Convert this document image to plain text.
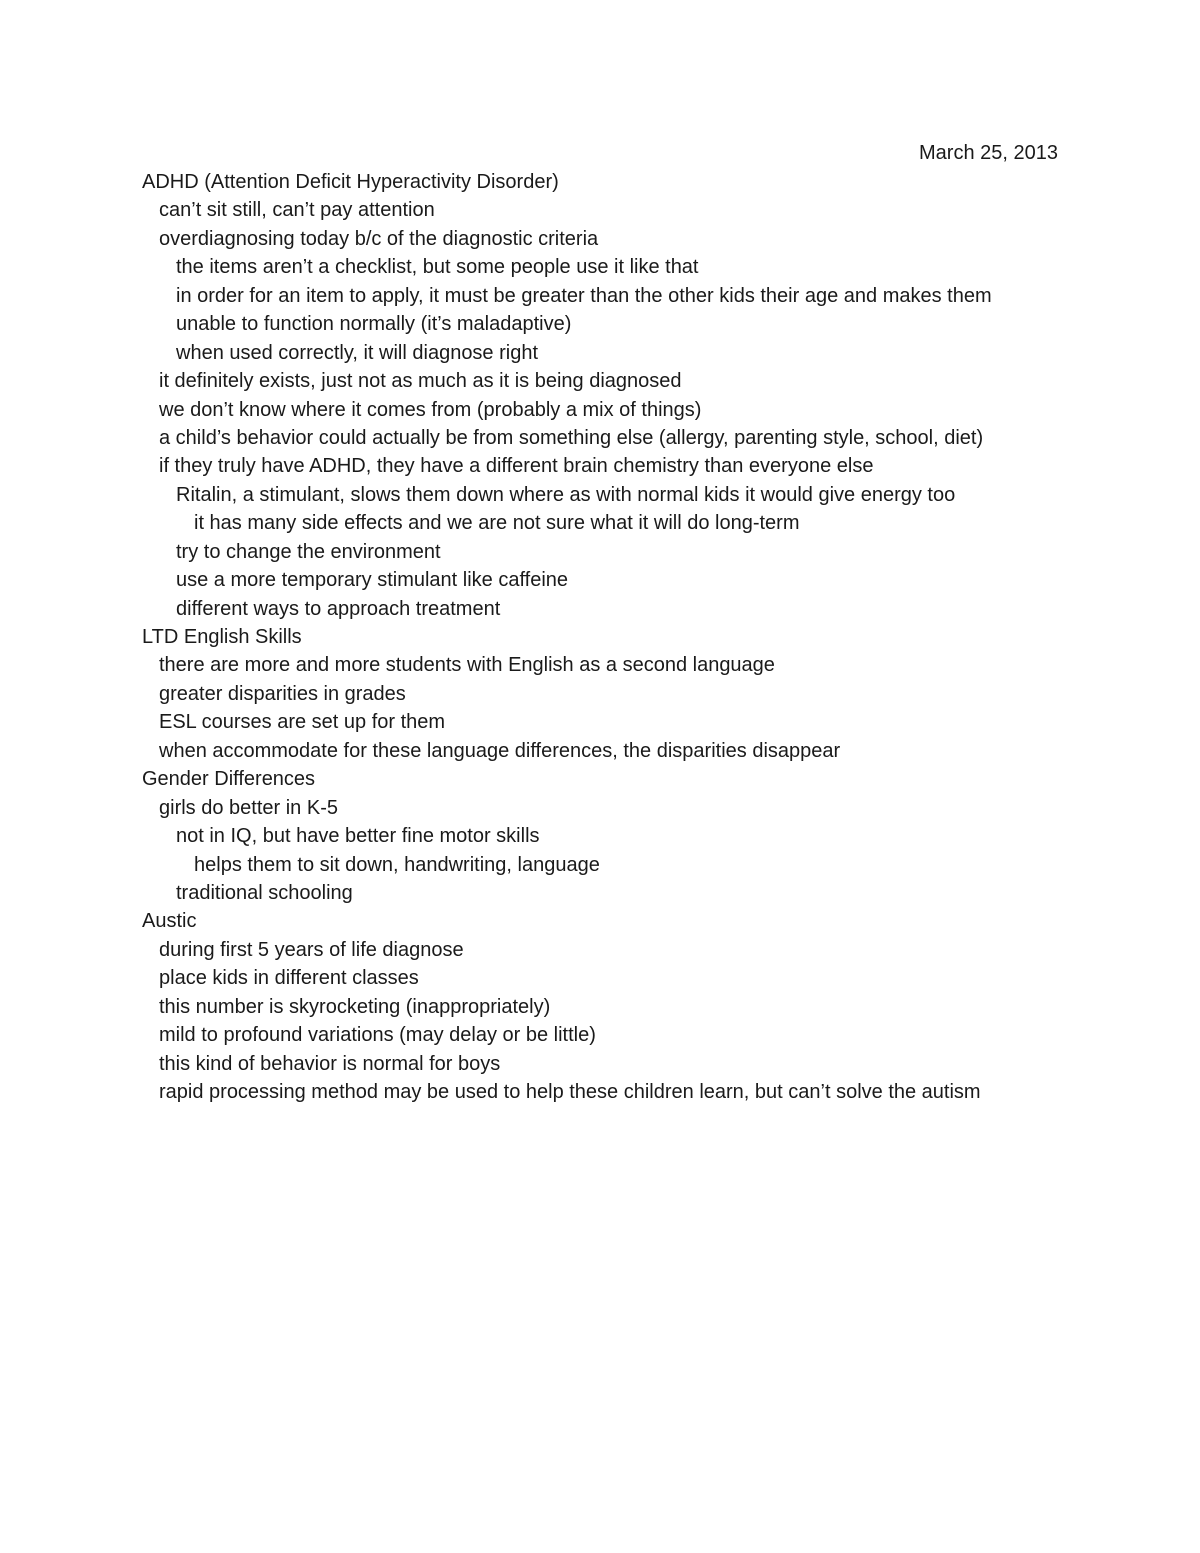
March 25, 2013
ADHD (Attention Deficit Hyperactivity Disorder)
can’t sit still, can’t pay attention
overdiagnosing today b/c of the diagnostic criteria
the items aren’t a checklist, but some people use it like that
in order for an item to apply, it must be greater than the other kids their age and makes them
unable to function normally (it’s maladaptive)
when used correctly, it will diagnose right
it definitely exists, just not as much as it is being diagnosed
we don’t know where it comes from (probably a mix of things)
a child’s behavior could actually be from something else (allergy, parenting style, school, diet)
if they truly have ADHD, they have a different brain chemistry than everyone else
Ritalin, a stimulant, slows them down where as with normal kids it would give energy too
it has many side effects and we are not sure what it will do long-term
try to change the environment
use a more temporary stimulant like caffeine
different ways to approach treatment
LTD English Skills
there are more and more students with English as a second language
greater disparities in grades
ESL courses are set up for them
when accommodate for these language differences, the disparities disappear
Gender Differences
girls do better in K-5
not in IQ, but have better fine motor skills
helps them to sit down, handwriting, language
traditional schooling
Austic
during first 5 years of life diagnose
place kids in different classes
this number is skyrocketing (inappropriately)
mild to profound variations (may delay or be little)
this kind of behavior is normal for boys
rapid processing method may be used to help these children learn, but can’t solve the autism
